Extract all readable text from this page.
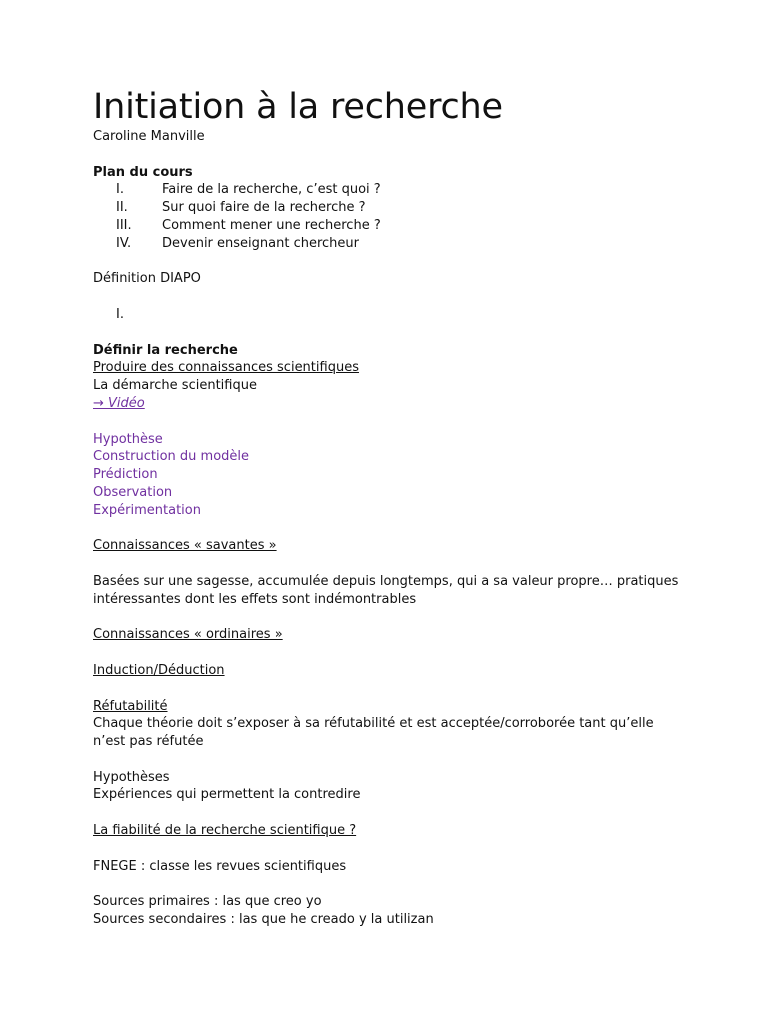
Initiation à la recherche

Caroline Manville

Plan du cours

I.	Faire de la recherche, c’est quoi ?
II.	Sur quoi faire de la recherche ?
III. Comment mener une recherche ?
IV. Devenir enseignant chercheur

Définition DIAPO

I.

Définir la recherche

Produire des connaissances scientifiques

La démarche scientifique

→ Vidéo

Hypothèse

Construction du modèle

Prédiction

Observation

Expérimentation

Connaissances « savantes »

Basées sur une sagesse, accumulée depuis longtemps, qui a sa valeur propre… pratiques intéressantes dont les effets sont indémontrables

Connaissances « ordinaires »

Induction/Déduction

Réfutabilité

Chaque théorie doit s’exposer à sa réfutabilité et est acceptée/corroborée tant qu’elle n’est pas réfutée

Hypothèses

Expériences qui permettent la contredire

La fiabilité de la recherche scientifique ?

FNEGE : classe les revues scientifiques

Sources primaires : las que creo yo

Sources secondaires : las que he creado y la utilizan
